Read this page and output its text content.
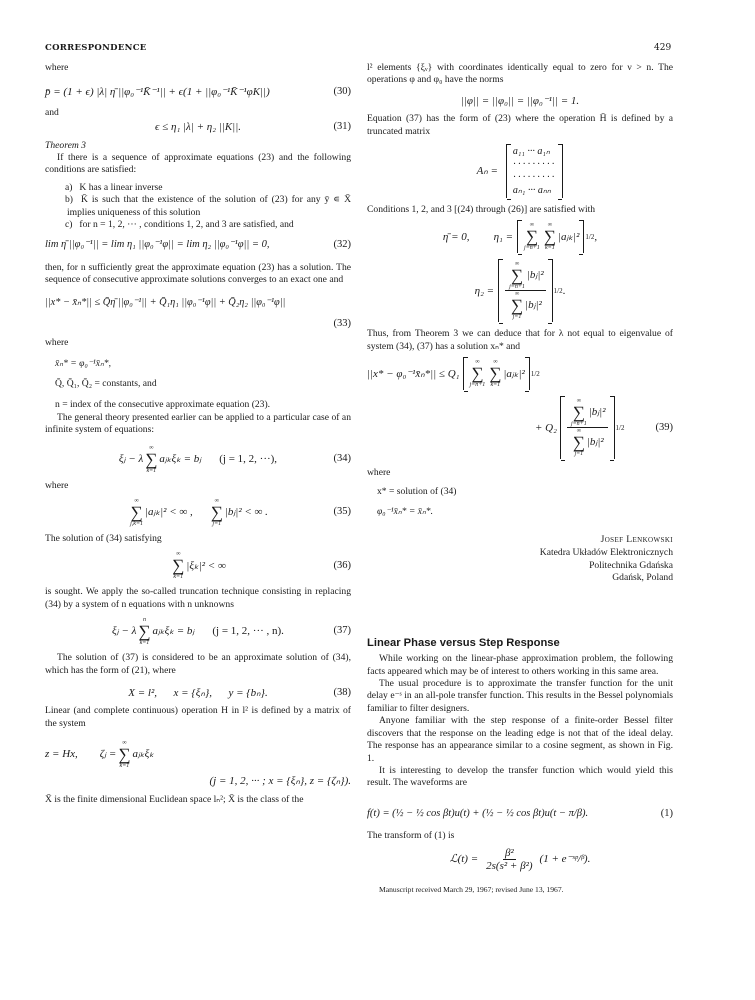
CORRESPONDENCE	429

where

p̄ = (1 + ϵ) |λ| η̄ ||φ₀⁻¹K̄⁻¹|| + ϵ(1 + ||φ₀⁻¹K̄⁻¹φK||)	(30)

and

ϵ ≤ η₁ |λ| + η₂ ||K||.	(31)

Theorem 3

If there is a sequence of approximate equations (23) and the following conditions are satisfied:

a) K has a linear inverse

b) K̄ is such that the existence of the solution of (23) for any ȳ ∊ X̄ implies uniqueness of this solution

c) for n = 1, 2, ··· , conditions 1, 2, and 3 are satisfied, and

lim η̄ ||φ₀⁻¹|| = lim η₁ ||φ₀⁻¹φ|| = lim η₂ ||φ₀⁻¹φ|| = 0,	(32)

then, for n sufficiently great the approximate equation (23) has a solution. The sequence of consecutive approximate solutions converges to an exact one and

||x* − x̄ₙ*|| ≤ Q̄η̄ ||φ₀⁻¹|| + Q̄₁η₁ ||φ₀⁻¹φ|| + Q̄₂η₂ ||φ₀⁻¹φ||
(33)

where

x̄ₙ* = φ₀⁻¹x̄ₙ*,

Q̄, Q̄₁, Q̄₂ = constants, and

n = index of the consecutive approximate equation (23).

The general theory presented earlier can be applied to a particular case of an infinite system of equations:

ξⱼ − λ
∞
∑
k=1
aⱼₖξₖ = bⱼ (j = 1, 2, ···),	(34)

where

∞
∑
j,k=1
|aⱼₖ|² < ∞ ,
∞
∑
j=1
|bⱼ|² < ∞ .	(35)

The solution of (34) satisfying

∞
∑
k=1
|ξₖ|² < ∞	(36)

is sought. We apply the so-called truncation technique consisting in replacing (34) by a system of n equations with n unknowns

ξⱼ − λ
n
∑
k=1
aⱼₖξₖ = bⱼ (j = 1, 2, ··· , n).	(37)

The solution of (37) is considered to be an approximate solution of (34), which has the form of (21), where

X = l²,      x = {ξₙ},      y = {bₙ}.	(38)

Linear (and complete continuous) operation H in l² is defined by a matrix of the system

z = Hx, ζⱼ =
∞
∑
k=1
aⱼₖξₖ
(j = 1, 2, ··· ; x = {ξₙ}, z = {ζₙ}).

X̄ is the finite dimensional Euclidean space lₙ²; X̄ is the class of the

l² elements {ξᵥ} with coordinates identically equal to zero for ν > n. The operations φ and φ₀ have the norms

||φ|| = ||φ₀|| = ||φ₀⁻¹|| = 1.

Equation (37) has the form of (23) where the operation H̄ is defined by a truncated matrix

Aₙ =
a₁₁ ··· a₁ₙ
·········
·········
aₙ₁ ··· aₙₙ

Conditions 1, 2, and 3 [(24) through (26)] are satisfied with

η̄ = 0, η₁ =
∞
∑
j=n+1
∞
∑
k=1
|aⱼₖ|² 1/2 ,
η₂ = ∞
∑
j=n+1
|bⱼ|²
∞
∑
j=1
|bⱼ|² 1/2 .

Thus, from Theorem 3 we can deduce that for λ not equal to eigenvalue of system (34), (37) has a solution xₙ* and

||x* − φ₀⁻¹x̄ₙ*|| ≤ Q₁
∞
∑
j=n+1
∞
∑
k=1
|aⱼₖ|² 1/2
+ Q₂ ∞
∑
j=n+1
|bⱼ|²
∞
∑
j=1
|bⱼ|² 1/2	(39)

where

x* = solution of (34)

φ₀⁻¹x̄ₙ* = x̄ₙ*.

Josef Lenkowski
Katedra Układów Elektronicznych
Politechnika Gdańska
Gdańsk, Poland
Linear Phase versus Step Response

While working on the linear-phase approximation problem, the following facts appeared which may be of interest to others working in this same area.

The usual procedure is to approximate the transfer function for the unit delay e⁻ˢ in an all-pole transfer function. This results in the Bessel polynomials familiar to filter designers.

Anyone familiar with the step response of a finite-order Bessel filter discovers that the response on the leading edge is not that of the ideal delay. The response has an appearance similar to a cosine segment, as shown in Fig. 1.

It is interesting to develop the transfer function which would yield this result. The waveforms are

f(t) = (½ − ½ cos βt)u(t) + (½ − ½ cos βt)u(t − π/β).	(1)

The transform of (1) is

ℒ(t) = $\frac{\text{β²}}{\text{2s(s² + β²)}} (1$ + e⁻ˢᵖ/ᵝ).
Manuscript received March 29, 1967; revised June 13, 1967.
